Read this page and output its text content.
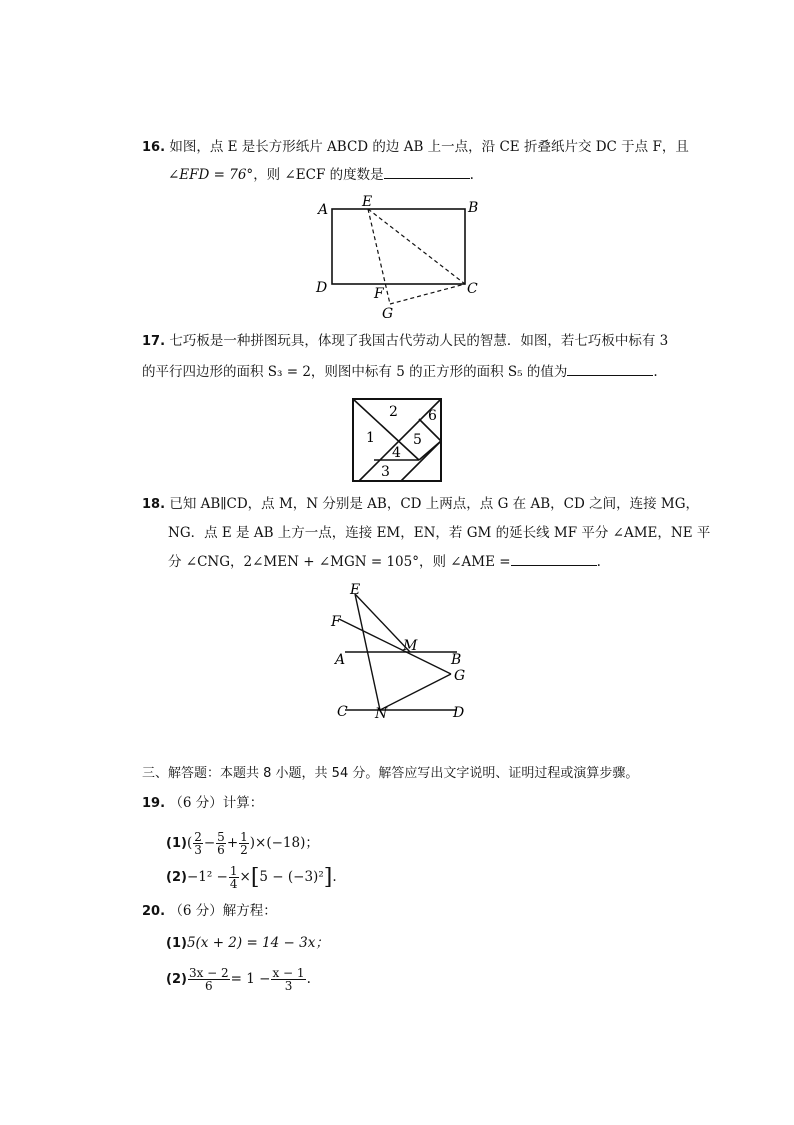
16. 如图，点 E 是长方形纸片 ABCD 的边 AB 上一点，沿 CE 折叠纸片交 DC 于点 F，且
∠EFD = 76°，则 ∠ECF 的度数是	.
A E	B
D	F	C
G
17. 七巧板是一种拼图玩具，体现了我国古代劳动人民的智慧．如图，若七巧板中标有 3
的平行四边形的面积 S₃ = 2，则图中标有 5 的正方形的面积 S₅ 的值为	.
2 6
1	5
4
3
18. 已知 AB∥CD，点 M，N 分别是 AB，CD 上两点，点 G 在 AB，CD 之间，连接 MG，
NG．点 E 是 AB 上方一点，连接 EM，EN，若 GM 的延长线 MF 平分 ∠AME，NE 平
分 ∠CNG，2∠MEN + ∠MGN = 105°，则 ∠AME =	.
E
F
M
A	B
G
C N	D
三、解答题：本题共 8 小题，共 54 分。解答应写出文字说明、证明过程或演算步骤。
19. （6 分）计算：
$(1)( \frac{2}{3} - \frac{5}{6} + \frac{1}{2} )\times(-18)$；
$(2)-1^2 - \frac{1}{4} \times[5 - (-3)^2]$.
20. （6 分）解方程：
(1)5(x + 2) = 14 − 3x；
$(2) \frac{3x - 2}{6} = 1 - \frac{x - 1}{3}$ .
